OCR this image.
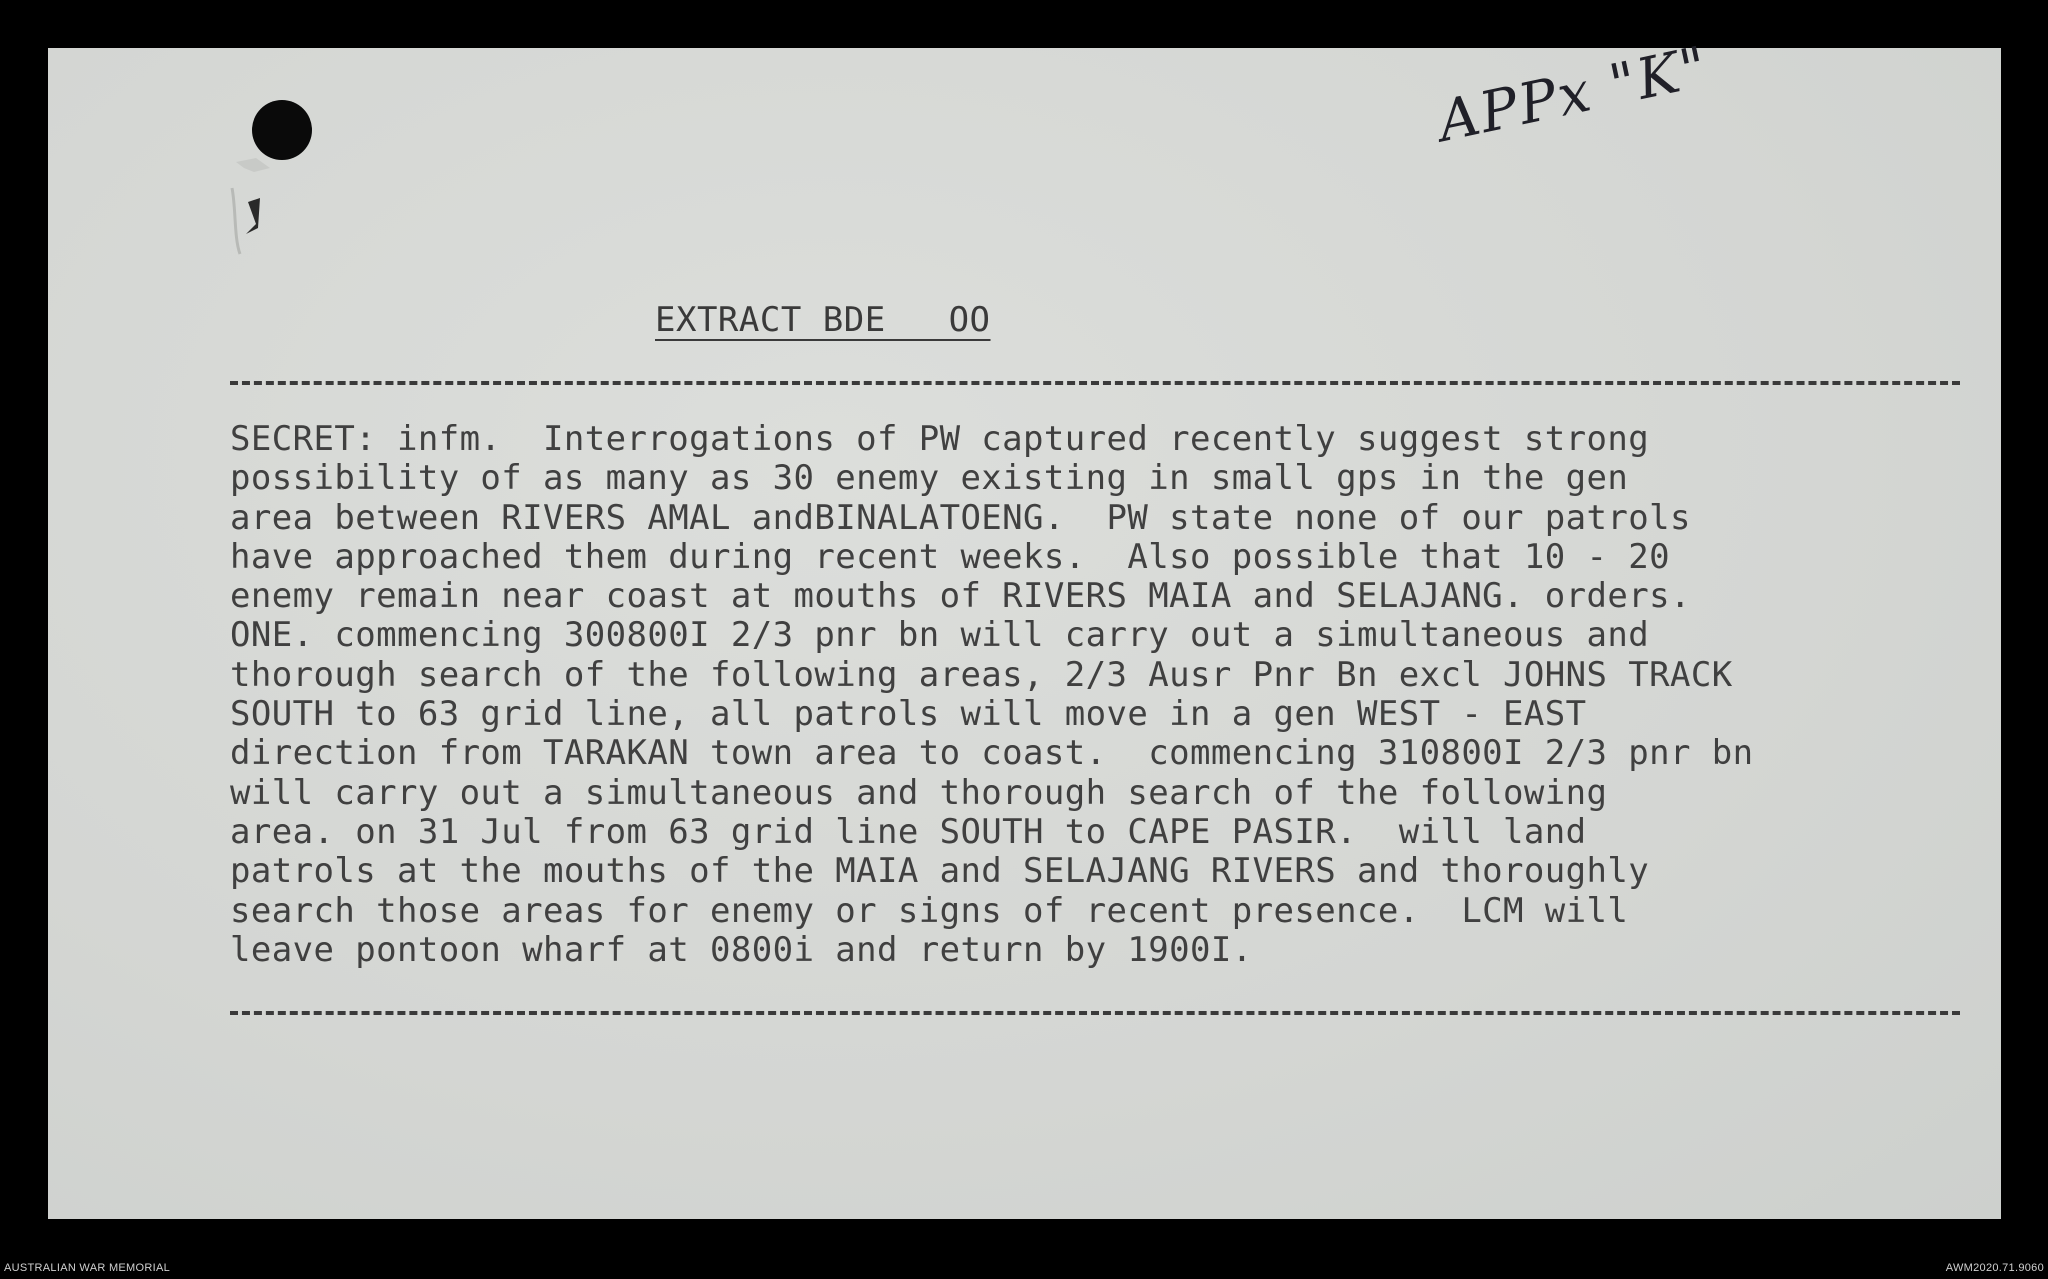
APPx "K"
EXTRACT BDE   OO
SECRET: infm.  Interrogations of PW captured recently suggest strong
possibility of as many as 30 enemy existing in small gps in the gen
area between RIVERS AMAL andBINALATOENG.  PW state none of our patrols
have approached them during recent weeks.  Also possible that 10 - 20
enemy remain near coast at mouths of RIVERS MAIA and SELAJANG. orders.
ONE. commencing 300800I 2/3 pnr bn will carry out a simultaneous and
thorough search of the following areas, 2/3 Ausr Pnr Bn excl JOHNS TRACK
SOUTH to 63 grid line, all patrols will move in a gen WEST - EAST
direction from TARAKAN town area to coast.  commencing 310800I 2/3 pnr bn
will carry out a simultaneous and thorough search of the following
area. on 31 Jul from 63 grid line SOUTH to CAPE PASIR.  will land
patrols at the mouths of the MAIA and SELAJANG RIVERS and thoroughly
search those areas for enemy or signs of recent presence.  LCM will
leave pontoon wharf at 0800i and return by 1900I.
AUSTRALIAN WAR MEMORIAL	AWM2020.71.9060
